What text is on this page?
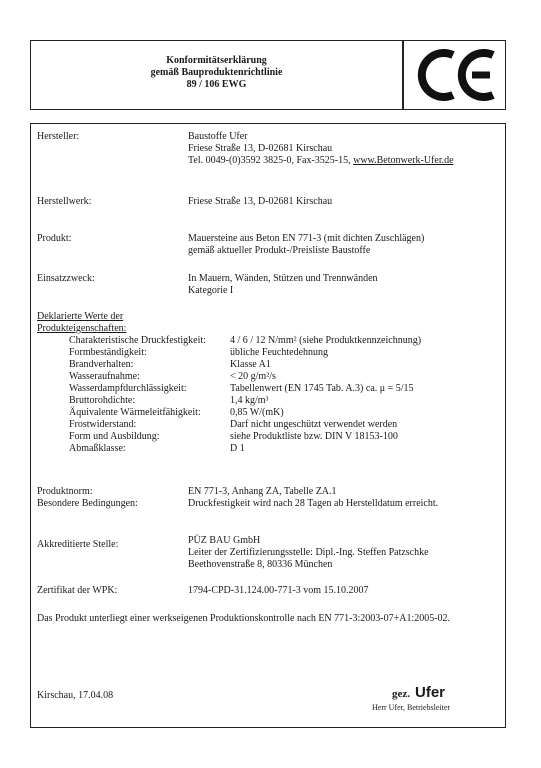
Konformitätserklärung
gemäß Bauproduktenrichtlinie
89 / 106 EWG
Hersteller:	Baustoffe Ufer
Friese Straße 13, D-02681 Kirschau
Tel. 0049-(0)3592 3825-0, Fax-3525-15, www.Betonwerk-Ufer.de
Herstellwerk:	Friese Straße 13, D-02681 Kirschau
Produkt:	Mauersteine aus Beton EN 771-3 (mit dichten Zuschlägen)
gemäß aktueller Produkt-/Preisliste Baustoffe
Einsatzzweck:	In Mauern, Wänden, Stützen und Trennwänden
Kategorie I
Deklarierte Werte der
Produkteigenschaften:
Charakteristische Druckfestigkeit: 4 / 6 / 12 N/mm² (siehe Produktkennzeichnung)
Formbeständigkeit:	übliche Feuchtedehnung
Brandverhalten:	Klasse A1
Wasseraufnahme:	< 20 g/m²/s
Wasserdampfdurchlässigkeit:	Tabellenwert (EN 1745 Tab. A.3) ca. μ = 5/15
Bruttorohdichte:	1,4 kg/m³
Äquivalente Wärmeleitfähigkeit:	0,85 W/(mK)
Frostwiderstand:	Darf nicht ungeschützt verwendet werden
Form und Ausbildung:	siehe Produktliste bzw. DIN V 18153-100
Abmaßklasse:	D 1
Produktnorm:	EN 771-3, Anhang ZA, Tabelle ZA.1
Besondere Bedingungen:	Druckfestigkeit wird nach 28 Tagen ab Herstelldatum erreicht.
Akkreditierte Stelle:	PÜZ BAU GmbH
Leiter der Zertifizierungsstelle: Dipl.-Ing. Steffen Patzschke
Beethovenstraße 8, 80336 München
Zertifikat der WPK:	1794-CPD-31.124.00-771-3 vom 15.10.2007
Das Produkt unterliegt einer werkseigenen Produktionskontrolle nach EN 771-3:2003-07+A1:2005-02.
Kirschau, 17.04.08	gez. Ufer
Herr Ufer, Betriebsleiter
